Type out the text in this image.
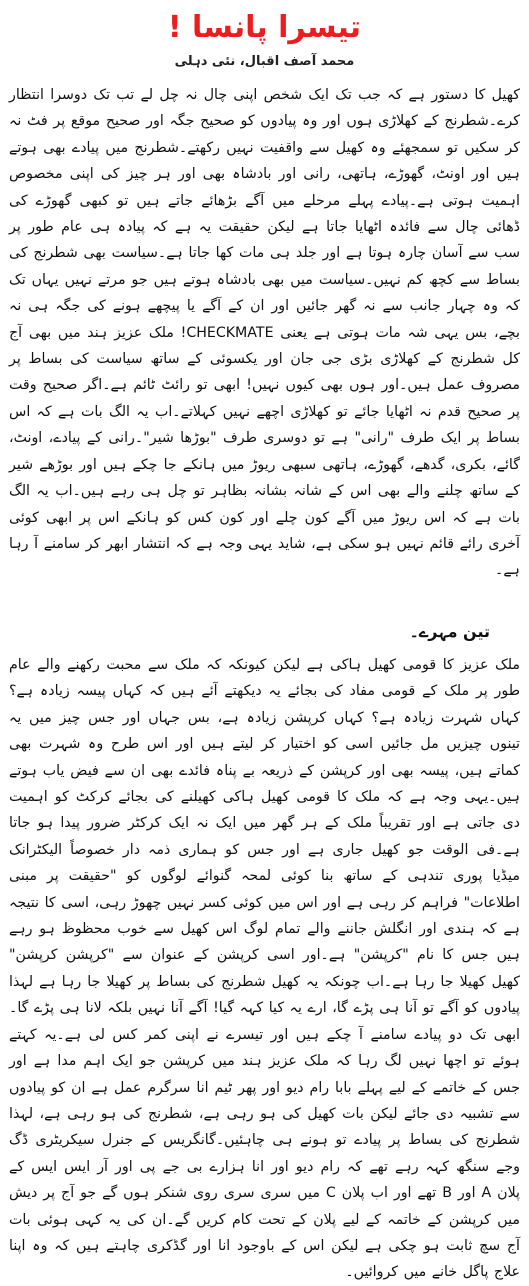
تیسرا پانسا !
محمد آصف اقبال، نئی دہلی

کھیل کا دستور ہے کہ جب تک ایک شخص اپنی چال نہ چل لے تب تک دوسرا انتظار کرے۔شطرنج کے کھلاڑی ہوں اور وہ پیادوں کو صحیح جگہ اور صحیح موقع پر فٹ نہ کر سکیں تو سمجھئے وہ کھیل سے واقفیت نہیں رکھتے۔شطرنج میں پیادے بھی ہوتے ہیں اور اونٹ، گھوڑے، ہاتھی، رانی اور بادشاہ بھی اور ہر چیز کی اپنی مخصوص اہمیت ہوتی ہے۔پیادے پہلے مرحلے میں آگے بڑھائے جاتے ہیں تو کبھی گھوڑے کی ڈھائی چال سے فائدہ اٹھایا جاتا ہے لیکن حقیقت یہ ہے کہ پیادہ ہی عام طور پر سب سے آسان چارہ ہوتا ہے اور جلد ہی مات کھا جاتا ہے۔سیاست بھی شطرنج کی بساط سے کچھ کم نہیں۔سیاست میں بھی بادشاہ ہوتے ہیں جو مرتے نہیں یہاں تک کہ وہ چہار جانب سے نہ گھر جائیں اور ان کے آگے یا پیچھے ہونے کی جگہ ہی نہ بچے، بس یہی شہ مات ہوتی ہے یعنی CHECKMATE! ملک عزیز ہند میں بھی آج کل شطرنج کے کھلاڑی بڑی جی جان اور یکسوئی کے ساتھ سیاست کی بساط پر مصروف عمل ہیں۔اور ہوں بھی کیوں نہیں! ابھی تو رائٹ ٹائم ہے۔اگر صحیح وقت پر صحیح قدم نہ اٹھایا جائے تو کھلاڑی اچھے نہیں کہلاتے۔اب یہ الگ بات ہے کہ اس بساط پر ایک طرف "رانی" ہے تو دوسری طرف "بوڑھا شیر"۔رانی کے پیادے، اونٹ، گائے، بکری، گدھے، گھوڑے، ہاتھی سبھی ریوڑ میں ہانکے جا چکے ہیں اور بوڑھے شیر کے ساتھ چلنے والے بھی اس کے شانہ بشانہ بظاہر تو چل ہی رہے ہیں۔اب یہ الگ بات ہے کہ اس ریوڑ میں آگے کون چلے اور کون کس کو ہانکے اس پر ابھی کوئی آخری رائے قائم نہیں ہو سکی ہے، شاید یہی وجہ ہے کہ انتشار ابھر کر سامنے آ رہا ہے۔

تین مہرے۔

ملک عزیز کا قومی کھیل ہاکی ہے لیکن کیونکہ کہ ملک سے محبت رکھنے والے عام طور پر ملک کے قومی مفاد کی بجائے یہ دیکھتے آئے ہیں کہ کہاں پیسہ زیادہ ہے؟ کہاں شہرت زیادہ ہے؟ کہاں کرپشن زیادہ ہے، بس جہاں اور جس چیز میں یہ تینوں چیزیں مل جائیں اسی کو اختیار کر لیتے ہیں اور اس طرح وہ شہرت بھی کماتے ہیں، پیسہ بھی اور کرپشن کے ذریعہ بے پناہ فائدے بھی ان سے فیض یاب ہوتے ہیں۔یہی وجہ ہے کہ ملک کا قومی کھیل ہاکی کھیلنے کی بجائے کرکٹ کو اہمیت دی جاتی ہے اور تقریباً ملک کے ہر گھر میں ایک نہ ایک کرکٹر ضرور پیدا ہو جاتا ہے۔فی الوقت جو کھیل جاری ہے اور جس کو ہماری ذمہ دار خصوصاً الیکٹرانک میڈیا پوری تندہی کے ساتھ بنا کوئی لمحہ گنوائے لوگوں کو "حقیقت پر مبنی اطلاعات" فراہم کر رہی ہے اور اس میں کوئی کسر نہیں چھوڑ رہی، اسی کا نتیجہ ہے کہ ہندی اور انگلش جاننے والے تمام لوگ اس کھیل سے خوب محظوظ ہو رہے ہیں جس کا نام "کرپشن" ہے۔اور اسی کرپشن کے عنوان سے "کرپشن کرپشن" کھیل کھیلا جا رہا ہے۔اب چونکہ یہ کھیل شطرنج کی بساط پر کھیلا جا رہا ہے لہذا پیادوں کو آگے تو آنا ہی پڑے گا، ارے یہ کیا کہہ گیا! آگے آنا نہیں بلکہ لانا ہی پڑے گا۔ابھی تک دو پیادے سامنے آ چکے ہیں اور تیسرے نے اپنی کمر کس لی ہے۔یہ کہتے ہوئے تو اچھا نہیں لگ رہا کہ ملک عزیز ہند میں کرپشن جو ایک اہم مدا ہے اور جس کے خاتمے کے لیے پہلے بابا رام دیو اور پھر ٹیم انا سرگرم عمل ہے ان کو پیادوں سے تشبیہ دی جائے لیکن بات کھیل کی ہو رہی ہے، شطرنج کی ہو رہی ہے، لہذا شطرنج کی بساط پر پیادے تو ہونے ہی چاہئیں۔گانگریس کے جنرل سیکریٹری ڈگ وجے سنگھ کہہ رہے تھے کہ رام دیو اور انا ہزارے بی جے پی اور آر ایس ایس کے پلان A اور B تھے اور اب پلان C میں سری سری روی شنکر ہوں گے جو آج پر دیش میں کرپشن کے خاتمہ کے لیے پلان کے تحت کام کریں گے۔ان کی یہ کہی ہوئی بات آج سچ ثابت ہو چکی ہے لیکن اس کے باوجود انا اور گڈکری چاہتے ہیں کہ وہ اپنا علاج پاگل خانے میں کروائیں۔
